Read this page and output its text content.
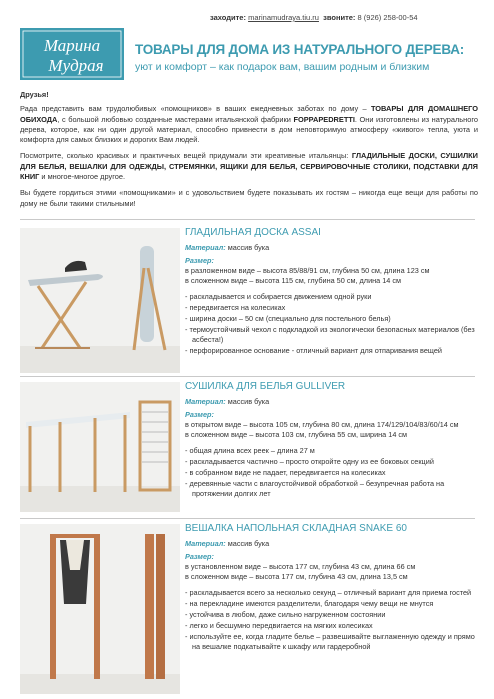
заходите: marinamudraya.tiu.ru звоните: 8 (926) 258-00-54
Марина
Мудрая
ТОВАРЫ ДЛЯ ДОМА ИЗ НАТУРАЛЬНОГО ДЕРЕВА:
уют и комфорт – как подарок вам, вашим родным и близким

Друзья!

Рада представить вам трудолюбивых «помощников» в ваших ежедневных заботах по дому – ТОВАРЫ ДЛЯ ДОМАШНЕГО ОБИХОДА, с большой любовью созданные мастерами итальянской фабрики FOPPAPEDRETTI. Они изготовлены из натурального дерева, которое, как ни один другой материал, способно привнести в дом неповторимую атмосферу «живого» тепла, уюта и комфорта для самых близких и дорогих Вам людей.

Посмотрите, сколько красивых и практичных вещей придумали эти креативные итальянцы: ГЛАДИЛЬНЫЕ ДОСКИ, СУШИЛКИ ДЛЯ БЕЛЬЯ, ВЕШАЛКИ ДЛЯ ОДЕЖДЫ, СТРЕМЯНКИ, ЯЩИКИ ДЛЯ БЕЛЬЯ, СЕРВИРОВОЧНЫЕ СТОЛИКИ, ПОДСТАВКИ ДЛЯ КНИГ и многое-многое другое.

Вы будете гордиться этими «помощниками» и с удовольствием будете показывать их гостям – никогда еще вещи для работы по дому не были такими стильными!

ГЛАДИЛЬНАЯ ДОСКА ASSAI
Материал: массив бука
Размер:
в разложенном виде – высота 85/88/91 см, глубина 50 см, длина 123 см
в сложенном виде – высота 115 см, глубина 50 см, длина 14 см
- раскладывается и собирается движением одной руки
- передвигается на колесиках
- ширина доски – 50 см (специально для постельного белья)
- термоустойчивый чехол с подкладкой из экологически безопасных материалов (без асбеста!)
- перфорированное основание - отличный вариант для отпаривания вещей
СУШИЛКА ДЛЯ БЕЛЬЯ GULLIVER
Материал: массив бука
Размер:
в открытом виде – высота 105 см, глубина 80 см, длина 174/129/104/83/60/14 см
в сложенном виде – высота 103 см, глубина 55 см, ширина 14 см
- общая длина всех реек – длина 27 м
- раскладывается частично – просто откройте одну из ее боковых секций
- в собранном виде не падает, передвигается на колесиках
- деревянные части с влагоустойчивой обработкой – безупречная работа на протяжении долгих лет
ВЕШАЛКА НАПОЛЬНАЯ СКЛАДНАЯ SNAKE 60
Материал: массив бука
Размер:
в установленном виде – высота 177 см, глубина 43 см, длина 66 см
в сложенном виде – высота 177 см, глубина 43 см, длина 13,5 см
- раскладывается всего за несколько секунд – отличный вариант для приема гостей
- на перекладине имеются разделители, благодаря чему вещи не мнутся
- устойчива в любом, даже сильно нагруженном состоянии
- легко и бесшумно передвигается на мягких колесиках
- используйте ее, когда гладите белье – развешивайте выглаженную одежду и прямо на вешалке подкатывайте к шкафу или гардеробной
